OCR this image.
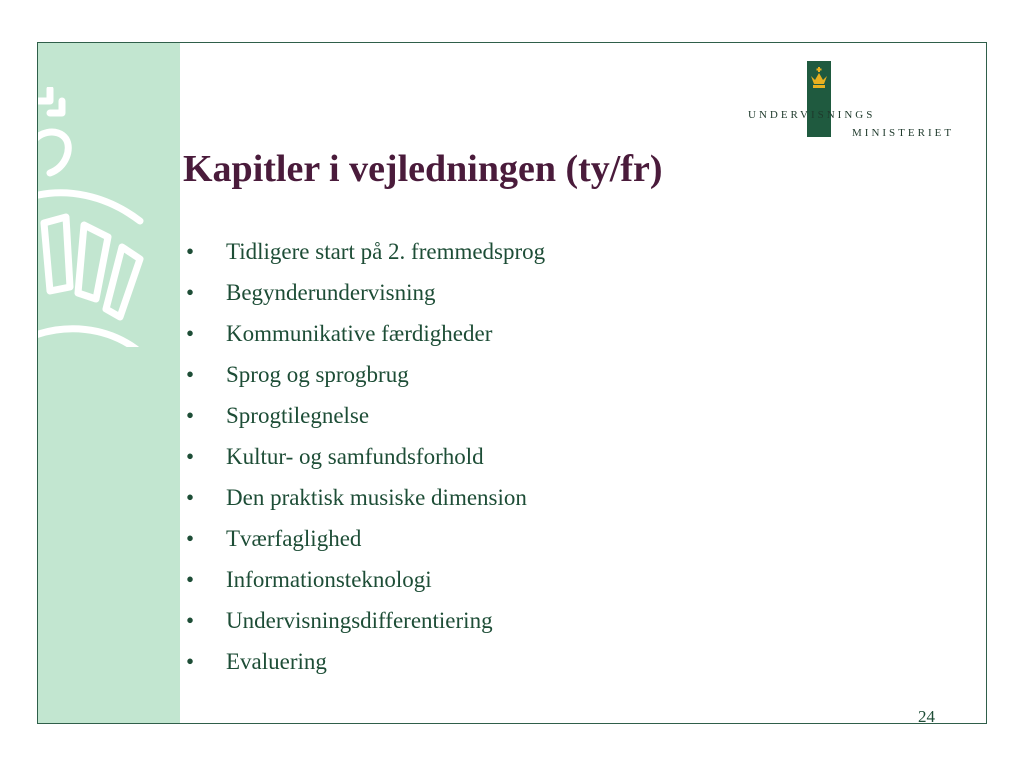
UNDERVISNINGS
MINISTERIET
Kapitler i vejledningen (ty/fr)
• Tidligere start på 2. fremmedsprog
• Begynderundervisning
• Kommunikative færdigheder
• Sprog og sprogbrug
• Sprogtilegnelse
• Kultur- og samfundsforhold
• Den praktisk musiske dimension
• Tværfaglighed
• Informationsteknologi
• Undervisningsdifferentiering
• Evaluering
24
